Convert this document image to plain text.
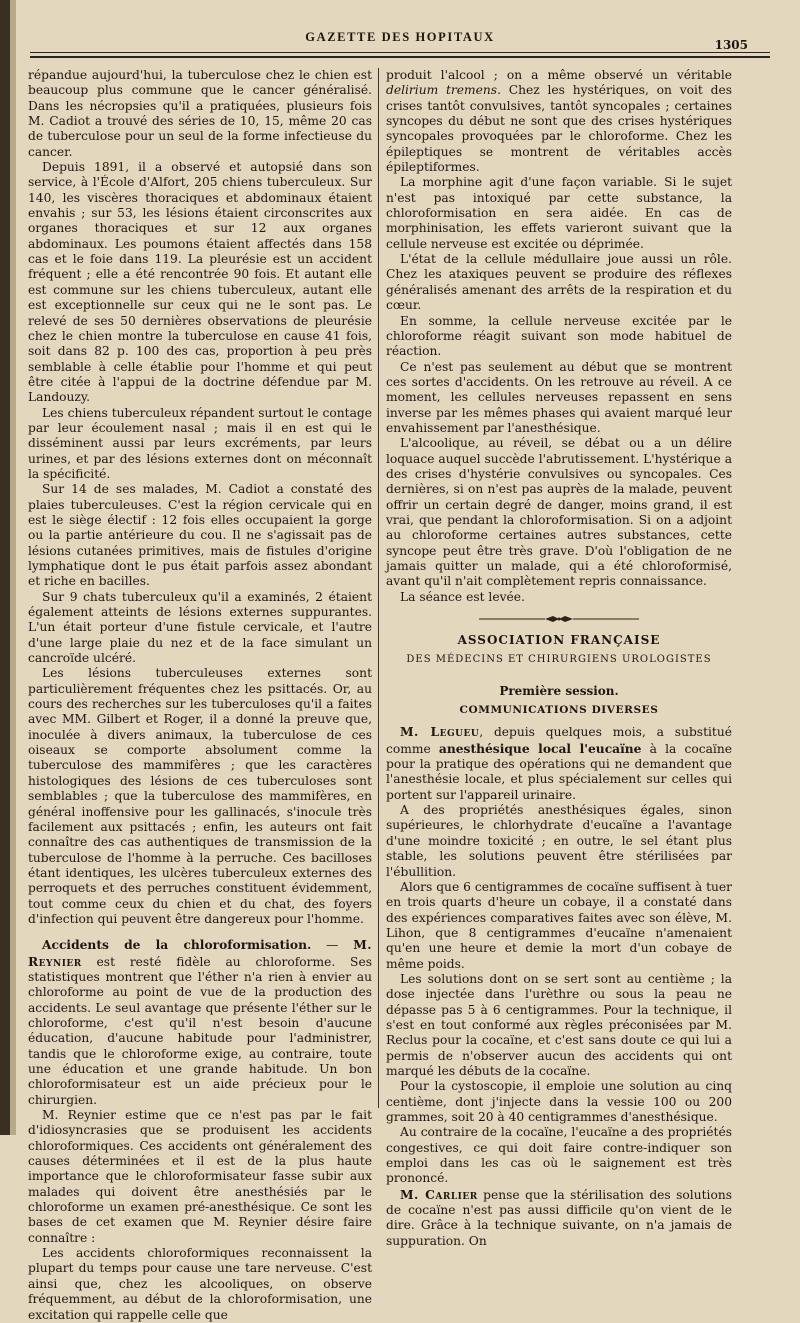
GAZETTE DES HOPITAUX
1305

répandue aujourd'hui, la tuberculose chez le chien est beaucoup plus commune que le cancer généralisé. Dans les nécropsies qu'il a pratiquées, plusieurs fois M. Cadiot a trouvé des séries de 10, 15, même 20 cas de tuberculose pour un seul de la forme infectieuse du cancer.

Depuis 1891, il a observé et autopsié dans son service, à l'École d'Alfort, 205 chiens tuberculeux. Sur 140, les viscères thoraciques et abdominaux étaient envahis ; sur 53, les lésions étaient circonscrites aux organes thoraciques et sur 12 aux organes abdominaux. Les poumons étaient affectés dans 158 cas et le foie dans 119. La pleurésie est un accident fréquent ; elle a été rencontrée 90 fois. Et autant elle est commune sur les chiens tuberculeux, autant elle est exceptionnelle sur ceux qui ne le sont pas. Le relevé de ses 50 dernières observations de pleurésie chez le chien montre la tuberculose en cause 41 fois, soit dans 82 p. 100 des cas, proportion à peu près semblable à celle établie pour l'homme et qui peut être citée à l'appui de la doctrine défendue par M. Landouzy.

Les chiens tuberculeux répandent surtout le contage par leur écoulement nasal ; mais il en est qui le disséminent aussi par leurs excréments, par leurs urines, et par des lésions externes dont on méconnaît la spécificité.

Sur 14 de ses malades, M. Cadiot a constaté des plaies tuberculeuses. C'est la région cervicale qui en est le siège électif : 12 fois elles occupaient la gorge ou la partie antérieure du cou. Il ne s'agissait pas de lésions cutanées primitives, mais de fistules d'origine lymphatique dont le pus était parfois assez abondant et riche en bacilles.

Sur 9 chats tuberculeux qu'il a examinés, 2 étaient également atteints de lésions externes suppurantes. L'un était porteur d'une fistule cervicale, et l'autre d'une large plaie du nez et de la face simulant un cancroïde ulcéré.

Les lésions tuberculeuses externes sont particulièrement fréquentes chez les psittacés. Or, au cours des recherches sur les tuberculoses qu'il a faites avec MM. Gilbert et Roger, il a donné la preuve que, inoculée à divers animaux, la tuberculose de ces oiseaux se comporte absolument comme la tuberculose des mammifères ; que les caractères histologiques des lésions de ces tuberculoses sont semblables ; que la tuberculose des mammifères, en général inoffensive pour les gallinacés, s'inocule très facilement aux psittacés ; enfin, les auteurs ont fait connaître des cas authentiques de transmission de la tuberculose de l'homme à la perruche. Ces bacilloses étant identiques, les ulcères tuberculeux externes des perroquets et des perruches constituent évidemment, tout comme ceux du chien et du chat, des foyers d'infection qui peuvent être dangereux pour l'homme.

Accidents de la chloroformisation. — M. Reynier est resté fidèle au chloroforme. Ses statistiques montrent que l'éther n'a rien à envier au chloroforme au point de vue de la production des accidents. Le seul avantage que présente l'éther sur le chloroforme, c'est qu'il n'est besoin d'aucune éducation, d'aucune habitude pour l'administrer, tandis que le chloroforme exige, au contraire, toute une éducation et une grande habitude. Un bon chloroformisateur est un aide précieux pour le chirurgien.

M. Reynier estime que ce n'est pas par le fait d'idiosyncrasies que se produisent les accidents chloroformiques. Ces accidents ont généralement des causes déterminées et il est de la plus haute importance que le chloroformisateur fasse subir aux malades qui doivent être anesthésiés par le chloroforme un examen pré-anesthésique. Ce sont les bases de cet examen que M. Reynier désire faire connaître :

Les accidents chloroformiques reconnaissent la plupart du temps pour cause une tare nerveuse. C'est ainsi que, chez les alcooliques, on observe fréquemment, au début de la chloroformisation, une excitation qui rappelle celle que

produit l'alcool ; on a même observé un véritable delirium tremens. Chez les hystériques, on voit des crises tantôt convulsives, tantôt syncopales ; certaines syncopes du début ne sont que des crises hystériques syncopales provoquées par le chloroforme. Chez les épileptiques se montrent de véritables accès épileptiformes.

La morphine agit d'une façon variable. Si le sujet n'est pas intoxiqué par cette substance, la chloroformisation en sera aidée. En cas de morphinisation, les effets varieront suivant que la cellule nerveuse est excitée ou déprimée.

L'état de la cellule médullaire joue aussi un rôle. Chez les ataxiques peuvent se produire des réflexes généralisés amenant des arrêts de la respiration et du cœur.

En somme, la cellule nerveuse excitée par le chloroforme réagit suivant son mode habituel de réaction.

Ce n'est pas seulement au début que se montrent ces sortes d'accidents. On les retrouve au réveil. A ce moment, les cellules nerveuses repassent en sens inverse par les mêmes phases qui avaient marqué leur envahissement par l'anesthésique.

L'alcoolique, au réveil, se débat ou a un délire loquace auquel succède l'abrutissement. L'hystérique a des crises d'hystérie convulsives ou syncopales. Ces dernières, si on n'est pas auprès de la malade, peuvent offrir un certain degré de danger, moins grand, il est vrai, que pendant la chloroformisation. Si on a adjoint au chloroforme certaines autres substances, cette syncope peut être très grave. D'où l'obligation de ne jamais quitter un malade, qui a été chloroformisé, avant qu'il n'ait complètement repris connaissance.

La séance est levée.

ASSOCIATION FRANÇAISE
DES MÉDECINS ET CHIRURGIENS UROLOGISTES
Première session.
COMMUNICATIONS DIVERSES

M. Legueu, depuis quelques mois, a substitué comme anesthésique local l'eucaïne à la cocaïne pour la pratique des opérations qui ne demandent que l'anesthésie locale, et plus spécialement sur celles qui portent sur l'appareil urinaire.

A des propriétés anesthésiques égales, sinon supérieures, le chlorhydrate d'eucaïne a l'avantage d'une moindre toxicité ; en outre, le sel étant plus stable, les solutions peuvent être stérilisées par l'ébullition.

Alors que 6 centigrammes de cocaïne suffisent à tuer en trois quarts d'heure un cobaye, il a constaté dans des expériences comparatives faites avec son élève, M. Lihon, que 8 centigrammes d'eucaïne n'amenaient qu'en une heure et demie la mort d'un cobaye de même poids.

Les solutions dont on se sert sont au centième ; la dose injectée dans l'urèthre ou sous la peau ne dépasse pas 5 à 6 centigrammes. Pour la technique, il s'est en tout conformé aux règles préconisées par M. Reclus pour la cocaïne, et c'est sans doute ce qui lui a permis de n'observer aucun des accidents qui ont marqué les débuts de la cocaïne.

Pour la cystoscopie, il emploie une solution au cinq centième, dont j'injecte dans la vessie 100 ou 200 grammes, soit 20 à 40 centigrammes d'anesthésique.

Au contraire de la cocaïne, l'eucaïne a des propriétés congestives, ce qui doit faire contre-indiquer son emploi dans les cas où le saignement est très prononcé.

M. Carlier pense que la stérilisation des solutions de cocaïne n'est pas aussi difficile qu'on vient de le dire. Grâce à la technique suivante, on n'a jamais de suppuration. On
